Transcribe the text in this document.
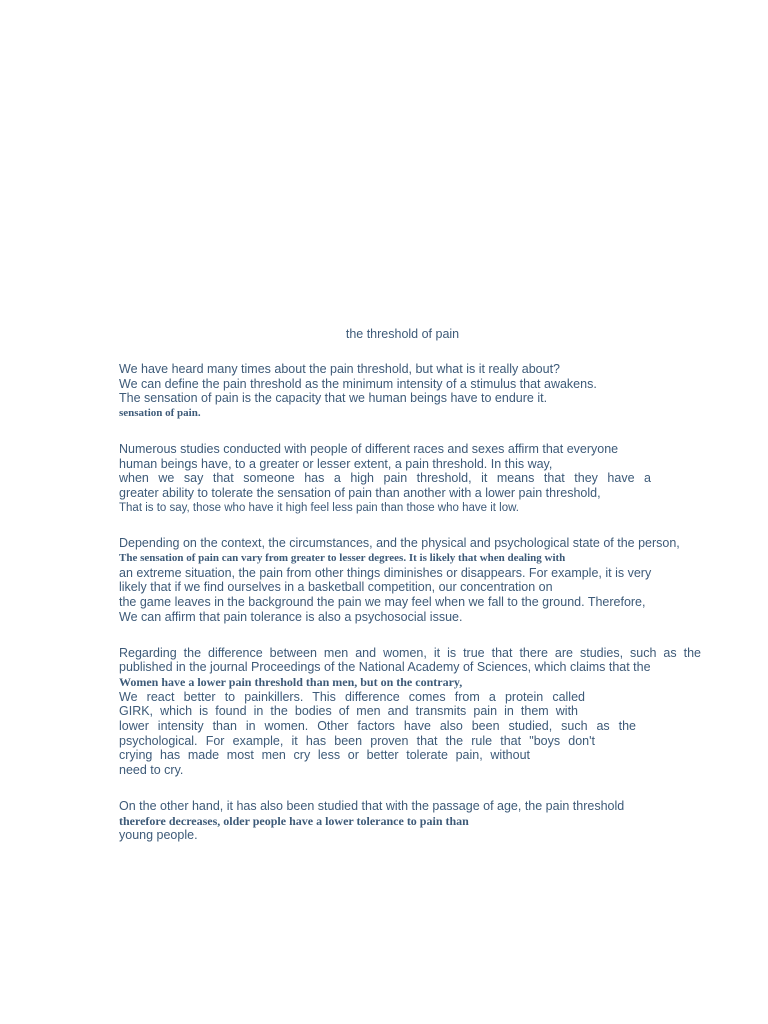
the threshold of pain
We have heard many times about the pain threshold, but what is it really about?
We can define the pain threshold as the minimum intensity of a stimulus that awakens.
The sensation of pain is the capacity that we human beings have to endure it.
sensation of pain.
Numerous studies conducted with people of different races and sexes affirm that everyone
human beings have, to a greater or lesser extent, a pain threshold. In this way,
when we say that someone has a high pain threshold, it means that they have a
greater ability to tolerate the sensation of pain than another with a lower pain threshold,
That is to say, those who have it high feel less pain than those who have it low.
Depending on the context, the circumstances, and the physical and psychological state of the person,
The sensation of pain can vary from greater to lesser degrees. It is likely that when dealing with
an extreme situation, the pain from other things diminishes or disappears. For example, it is very
likely that if we find ourselves in a basketball competition, our concentration on
the game leaves in the background the pain we may feel when we fall to the ground. Therefore,
We can affirm that pain tolerance is also a psychosocial issue.
Regarding the difference between men and women, it is true that there are studies, such as the
published in the journal Proceedings of the National Academy of Sciences, which claims that the
Women have a lower pain threshold than men, but on the contrary,
We react better to painkillers. This difference comes from a protein called
GIRK, which is found in the bodies of men and transmits pain in them with
lower intensity than in women. Other factors have also been studied, such as the
psychological. For example, it has been proven that the rule that "boys don't
crying has made most men cry less or better tolerate pain, without
need to cry.
On the other hand, it has also been studied that with the passage of age, the pain threshold
therefore decreases, older people have a lower tolerance to pain than
young people.
